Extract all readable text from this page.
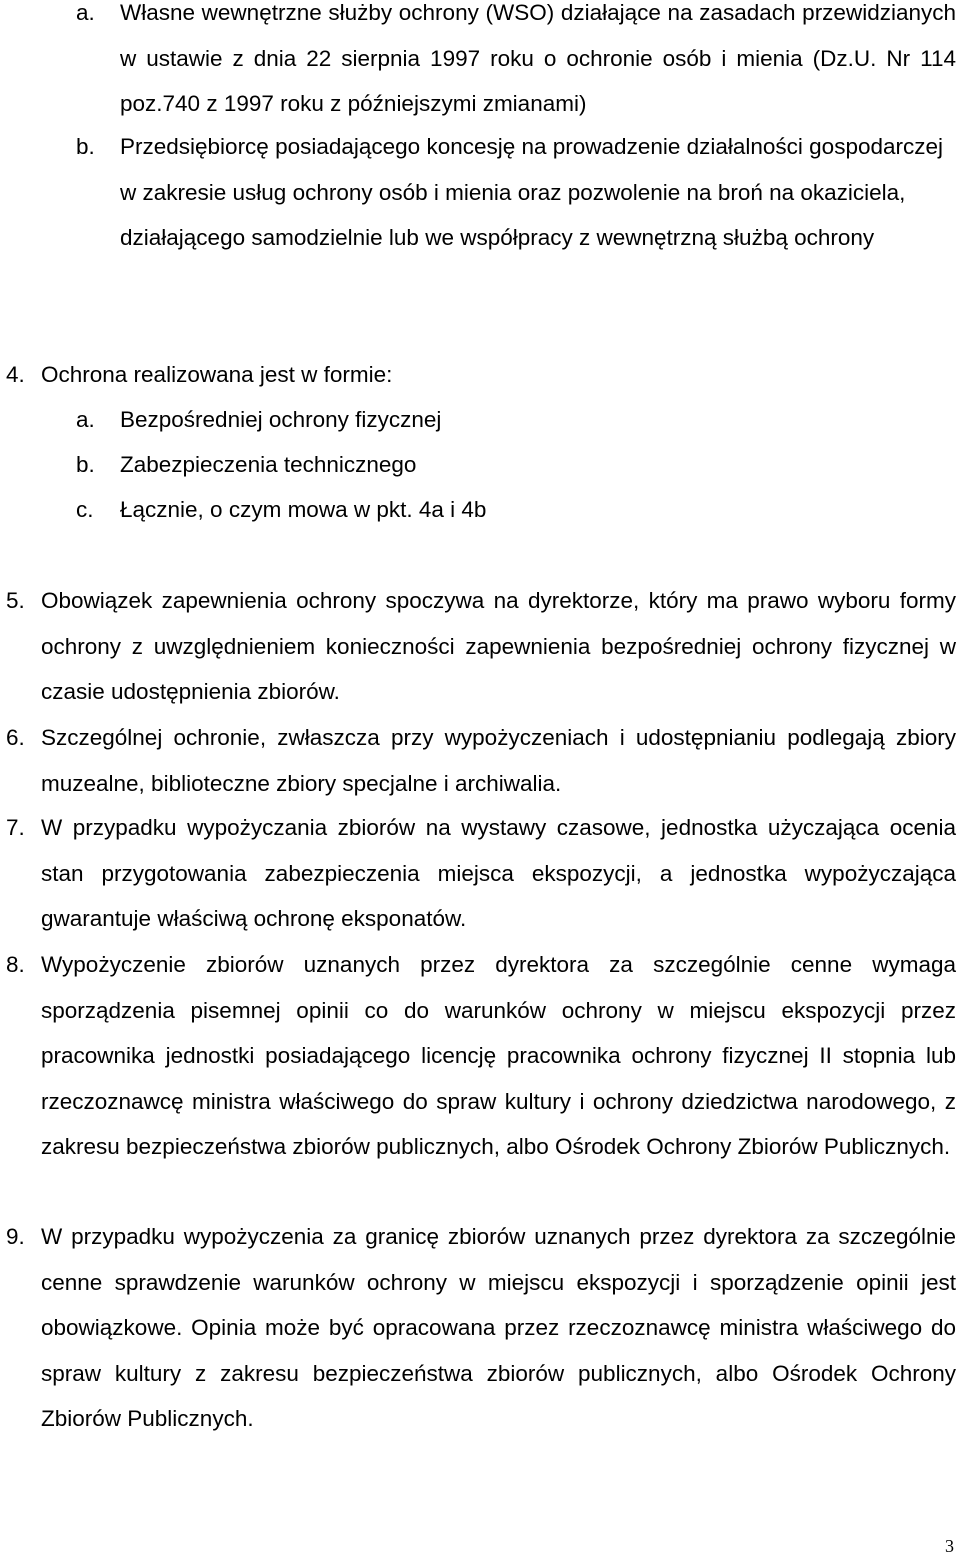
a. Własne wewnętrzne służby ochrony (WSO) działające na zasadach przewidzianych w ustawie z dnia 22 sierpnia 1997 roku o ochronie osób i mienia (Dz.U. Nr 114 poz.740 z 1997 roku z późniejszymi zmianami)
b. Przedsiębiorcę posiadającego koncesję na prowadzenie działalności gospodarczej w zakresie usług ochrony osób i mienia oraz pozwolenie na broń na okaziciela, działającego samodzielnie lub we współpracy z wewnętrzną służbą ochrony
4. Ochrona realizowana jest w formie:
a. Bezpośredniej ochrony fizycznej
b. Zabezpieczenia technicznego
c. Łącznie, o czym mowa w pkt. 4a i 4b
5. Obowiązek zapewnienia ochrony spoczywa na dyrektorze, który ma prawo wyboru formy ochrony z uwzględnieniem konieczności zapewnienia bezpośredniej ochrony fizycznej w czasie udostępnienia zbiorów.
6. Szczególnej ochronie, zwłaszcza przy wypożyczeniach i udostępnianiu podlegają zbiory muzealne, biblioteczne zbiory specjalne i archiwalia.
7. W przypadku wypożyczania zbiorów na wystawy czasowe, jednostka użyczająca ocenia stan przygotowania zabezpieczenia miejsca ekspozycji, a jednostka wypożyczająca gwarantuje właściwą ochronę eksponatów.
8. Wypożyczenie zbiorów uznanych przez dyrektora za szczególnie cenne wymaga sporządzenia pisemnej opinii co do warunków ochrony w miejscu ekspozycji przez pracownika jednostki posiadającego licencję pracownika ochrony fizycznej II stopnia lub rzeczoznawcę ministra właściwego do spraw kultury i ochrony dziedzictwa narodowego, z zakresu bezpieczeństwa zbiorów publicznych, albo Ośrodek Ochrony Zbiorów Publicznych.
9. W przypadku wypożyczenia za granicę zbiorów uznanych przez dyrektora za szczególnie cenne sprawdzenie warunków ochrony w miejscu ekspozycji i sporządzenie opinii jest obowiązkowe. Opinia może być opracowana przez rzeczoznawcę ministra właściwego do spraw kultury z zakresu bezpieczeństwa zbiorów publicznych, albo Ośrodek Ochrony Zbiorów Publicznych.
3
